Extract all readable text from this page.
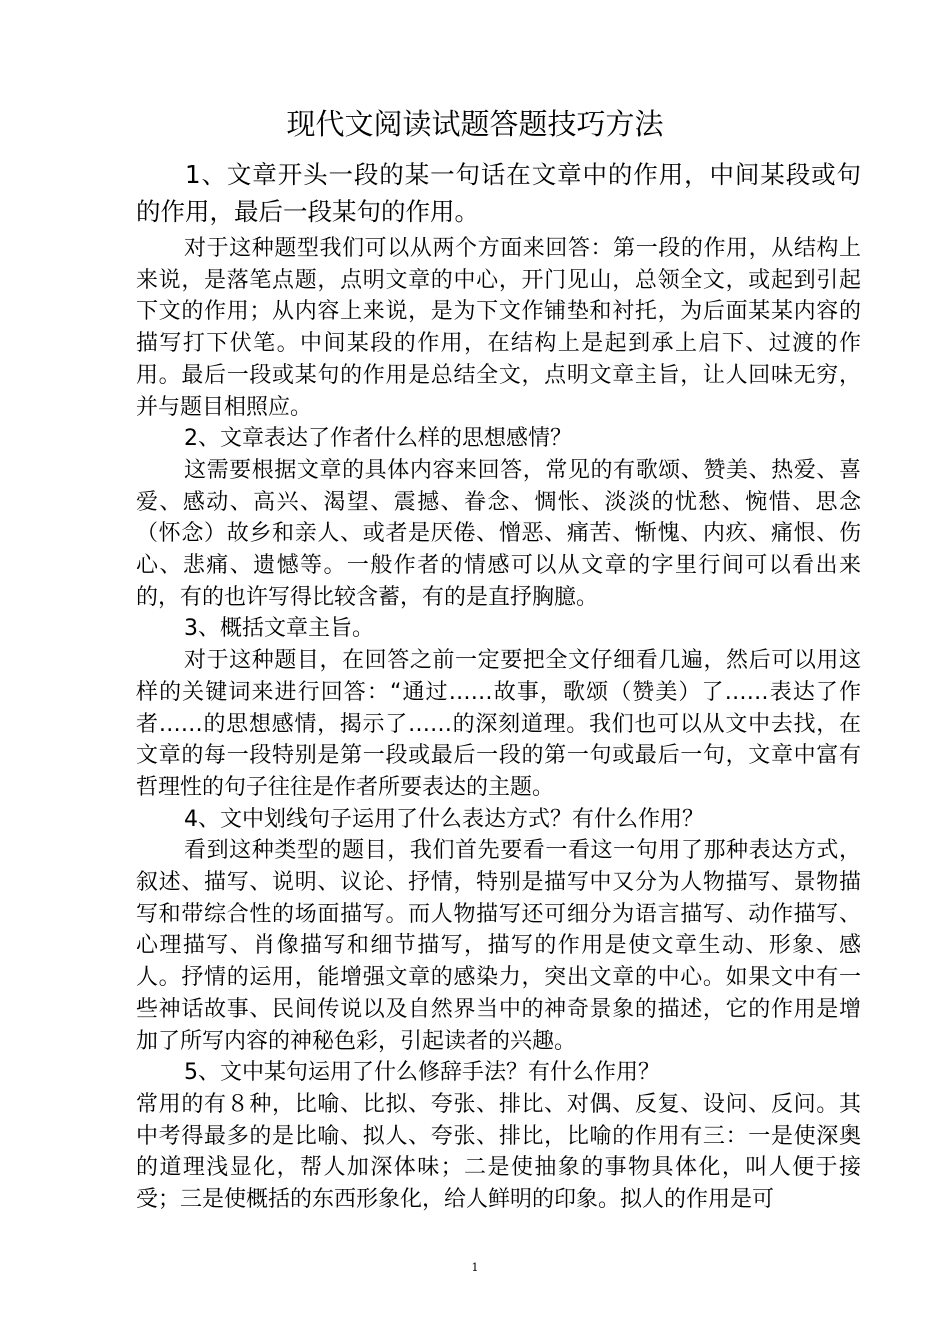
现代文阅读试题答题技巧方法

1、文章开头一段的某一句话在文章中的作用，中间某段或句的作用，最后一段某句的作用。

对于这种题型我们可以从两个方面来回答：第一段的作用，从结构上来说，是落笔点题，点明文章的中心，开门见山，总领全文，或起到引起下文的作用；从内容上来说，是为下文作铺垫和衬托，为后面某某内容的描写打下伏笔。中间某段的作用，在结构上是起到承上启下、过渡的作用。最后一段或某句的作用是总结全文，点明文章主旨，让人回味无穷，并与题目相照应。

2、文章表达了作者什么样的思想感情？

这需要根据文章的具体内容来回答，常见的有歌颂、赞美、热爱、喜爱、感动、高兴、渴望、震撼、眷念、惆怅、淡淡的忧愁、惋惜、思念（怀念）故乡和亲人、或者是厌倦、憎恶、痛苦、惭愧、内疚、痛恨、伤心、悲痛、遗憾等。一般作者的情感可以从文章的字里行间可以看出来的，有的也许写得比较含蓄，有的是直抒胸臆。

3、概括文章主旨。

对于这种题目，在回答之前一定要把全文仔细看几遍，然后可以用这样的关键词来进行回答：“通过……故事，歌颂（赞美）了……表达了作者……的思想感情，揭示了……的深刻道理。我们也可以从文中去找，在文章的每一段特别是第一段或最后一段的第一句或最后一句，文章中富有哲理性的句子往往是作者所要表达的主题。

4、文中划线句子运用了什么表达方式？有什么作用？

看到这种类型的题目，我们首先要看一看这一句用了那种表达方式，叙述、描写、说明、议论、抒情，特别是描写中又分为人物描写、景物描写和带综合性的场面描写。而人物描写还可细分为语言描写、动作描写、心理描写、肖像描写和细节描写，描写的作用是使文章生动、形象、感人。抒情的运用，能增强文章的感染力，突出文章的中心。如果文中有一些神话故事、民间传说以及自然界当中的神奇景象的描述，它的作用是增加了所写内容的神秘色彩，引起读者的兴趣。

5、文中某句运用了什么修辞手法？有什么作用？

常用的有８种，比喻、比拟、夸张、排比、对偶、反复、设问、反问。其中考得最多的是比喻、拟人、夸张、排比，比喻的作用有三：一是使深奥的道理浅显化，帮人加深体味；二是使抽象的事物具体化，叫人便于接受；三是使概括的东西形象化，给人鲜明的印象。拟人的作用是可

1
